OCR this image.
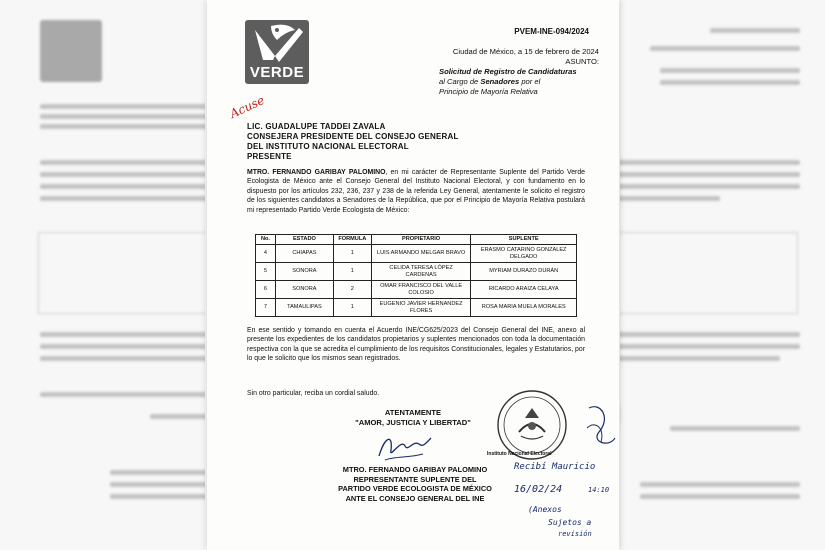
VERDE
PVEM-INE-094/2024
Ciudad de México, a 15 de febrero de 2024
ASUNTO:
Solicitud de Registro de Candidaturas
al Cargo de Senadores por el
Principio de Mayoría Relativa
Acuse
LIC. GUADALUPE TADDEI ZAVALA
CONSEJERA PRESIDENTE DEL CONSEJO GENERAL
DEL INSTITUTO NACIONAL ELECTORAL
PRESENTE
MTRO. FERNANDO GARIBAY PALOMINO, en mi carácter de Representante Suplente del Partido Verde Ecologista de México ante el Consejo General del Instituto Nacional Electoral, y con fundamento en lo dispuesto por los artículos 232, 236, 237 y 238 de la referida Ley General, atentamente le solicito el registro de los siguientes candidatos a Senadores de la República, que por el Principio de Mayoría Relativa postulará mi representado Partido Verde Ecologista de México:
No.	ESTADO	FORMULA	PROPIETARIO	SUPLENTE
4	CHIAPAS	1	LUIS ARMANDO MELGAR BRAVO	ERASMO CATARINO GONZALEZ DELGADO
5	SONORA	1	CELIDA TERESA LÓPEZ CARDENAS	MYRIAM DURAZO DURÁN
6	SONORA	2	OMAR FRANCISCO DEL VALLE COLOSIO	RICARDO ARAIZA CELAYA
7	TAMAULIPAS	1	EUGENIO JAVIER HERNANDEZ FLORES	ROSA MARIA MUELA MORALES
En ese sentido y tomando en cuenta el Acuerdo INE/CG625/2023 del Consejo General del INE, anexo al presente los expedientes de los candidatos propietarios y suplentes mencionados con toda la documentación respectiva con la que se acredita el cumplimiento de los requisitos Constitucionales, legales y Estatutarios, por lo que le solicito que los mismos sean registrados.
Sin otro particular, reciba un cordial saludo.
ATENTAMENTE
"AMOR, JUSTICIA Y LIBERTAD"
Instituto Nacional Electoral
MTRO. FERNANDO GARIBAY PALOMINO
REPRESENTANTE SUPLENTE DEL
PARTIDO VERDE ECOLOGISTA DE MÉXICO
ANTE EL CONSEJO GENERAL DEL INE
Recibí Mauricio
16/02/24	14:10
(Anexos
Sujetos a
revisión
